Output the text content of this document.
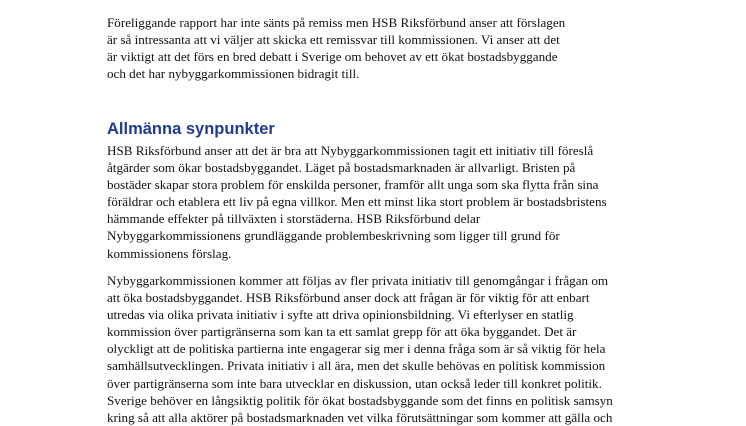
Föreliggande rapport har inte sänts på remiss men HSB Riksförbund anser att förslagen
är så intressanta att vi väljer att skicka ett remissvar till kommissionen. Vi anser att det
är viktigt att det förs en bred debatt i Sverige om behovet av ett ökat bostadsbyggande
och det har nybyggarkommissionen bidragit till.
Allmänna synpunkter
HSB Riksförbund anser att det är bra att Nybyggarkommissionen tagit ett initiativ till föreslå
åtgärder som ökar bostadsbyggandet. Läget på bostadsmarknaden är allvarligt. Bristen på
bostäder skapar stora problem för enskilda personer, framför allt unga som ska flytta från sina
föräldrar och etablera ett liv på egna villkor. Men ett minst lika stort problem är bostadsbristens
hämmande effekter på tillväxten i storstäderna. HSB Riksförbund delar
Nybyggarkommissionens grundläggande problembeskrivning som ligger till grund för
kommissionens förslag.
Nybyggarkommissionen kommer att följas av fler privata initiativ till genomgångar i frågan om
att öka bostadsbyggandet. HSB Riksförbund anser dock att frågan är för viktig för att enbart
utredas via olika privata initiativ i syfte att driva opinionsbildning. Vi efterlyser en statlig
kommission över partigränserna som kan ta ett samlat grepp för att öka byggandet. Det är
olyckligt att de politiska partierna inte engagerar sig mer i denna fråga som är så viktig för hela
samhällsutvecklingen. Privata initiativ i all ära, men det skulle behövas en politisk kommission
över partigränserna som inte bara utvecklar en diskussion, utan också leder till konkret politik.
Sverige behöver en långsiktig politik för ökat bostadsbyggande som det finns en politisk samsyn
kring så att alla aktörer på bostadsmarknaden vet vilka förutsättningar som kommer att gälla och
